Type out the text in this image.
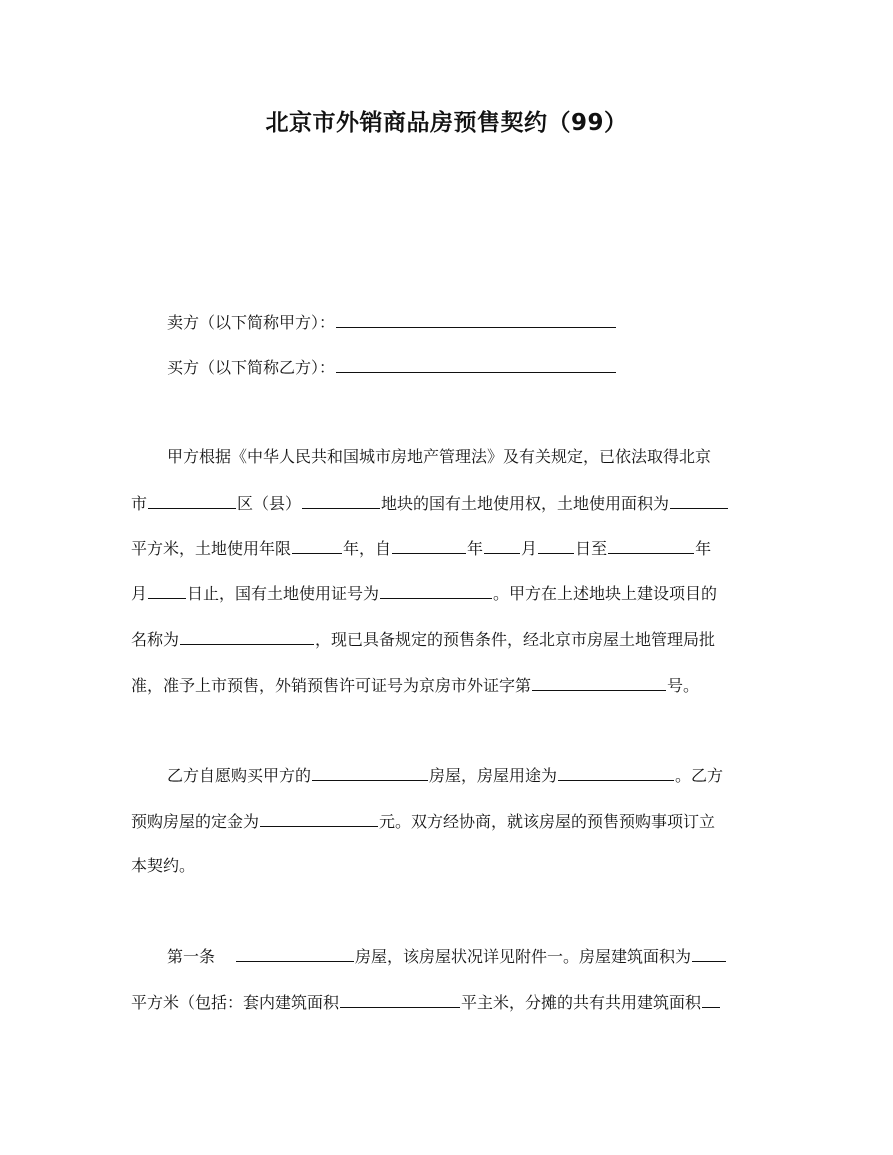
北京市外销商品房预售契约（99）
卖方（以下简称甲方）：
买方（以下简称乙方）：
甲方根据《中华人民共和国城市房地产管理法》及有关规定，已依法取得北京
市	区（县）	地块的国有土地使用权，土地使用面积为
平方米，土地使用年限	年，自	年 月 日至	年
月	日止，国有土地使用证号为	。甲方在上述地块上建设项目的
名称为	，现已具备规定的预售条件，经北京市房屋土地管理局批
准，准予上市预售，外销预售许可证号为京房市外证字第	号。
乙方自愿购买甲方的	房屋，房屋用途为	。乙方
预购房屋的定金为	元。双方经协商，就该房屋的预售预购事项订立
本契约。
第一条	房屋，该房屋状况详见附件一。房屋建筑面积为
平方米（包括：套内建筑面积	平主米，分摊的共有共用建筑面积
